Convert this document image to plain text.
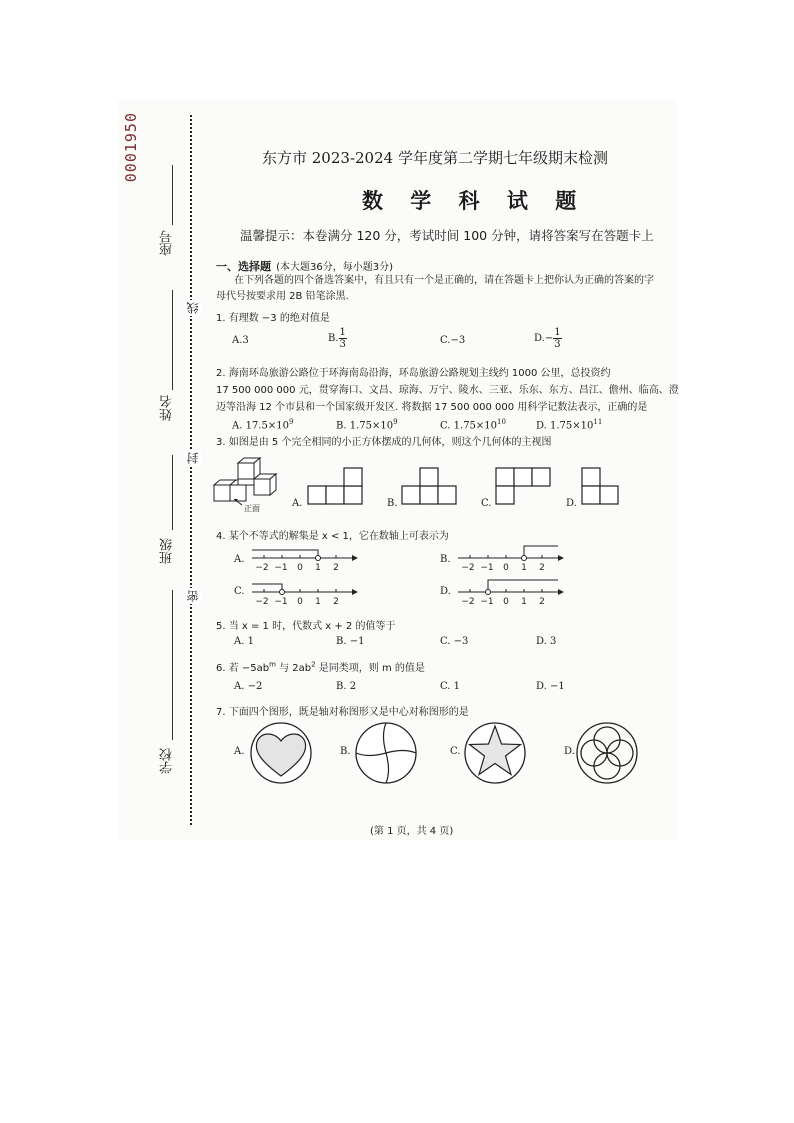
0001950
座号
姓名
班级
学校
线
封
密
东方市 2023-2024 学年度第二学期七年级期末检测
数 学 科 试 题
温馨提示：本卷满分 120 分，考试时间 100 分钟，请将答案写在答题卡上
一、选择题 (本大题36分，每小题3分)
在下列各题的四个备选答案中，有且只有一个是正确的，请在答题卡上把你认为正确的答案的字
母代号按要求用 2B 铅笔涂黑.
1. 有理数 −3 的绝对值是
A.3	B. $\frac{1}{3}$	C.−3	$D.- \frac{1}{3}$
2. 海南环岛旅游公路位于环海南岛沿海，环岛旅游公路规划主线约 1000 公里，总投资约
17 500 000 000 元，贯穿海口、文昌、琼海、万宁、陵水、三亚、乐东、东方、昌江、儋州、临高、澄
迈等沿海 12 个市县和一个国家级开发区. 将数据 17 500 000 000 用科学记数法表示，正确的是
A. $17.5\times 10^9$	B. $1.75\times 10^9$	C. $1.75\times 10^{10}$	D. $1.75\times 10^{11}$
3. 如图是由 5 个完全相同的小正方体摆成的几何体，则这个几何体的主视图
正面	A.	B.	C.	D.
4. 某个不等式的解集是 x < 1，它在数轴上可表示为
A.
−2 −1 0 1 2
B.
−2 −1 0 1 2
C.
−2 −1 0 1 2
D.
−2 −1 0 1 2
5. 当 x = 1 时，代数式 x + 2 的值等于
A. 1	B. −1	C. −3	D. 3
6. 若 $-5ab^m$ 与 $2ab^2$ 是同类项，则 m 的值是
A. −2	B. 2	C. 1	D. −1
7. 下面四个图形，既是轴对称图形又是中心对称图形的是
A.	B.	C.	D.
(第 1 页，共 4 页)
